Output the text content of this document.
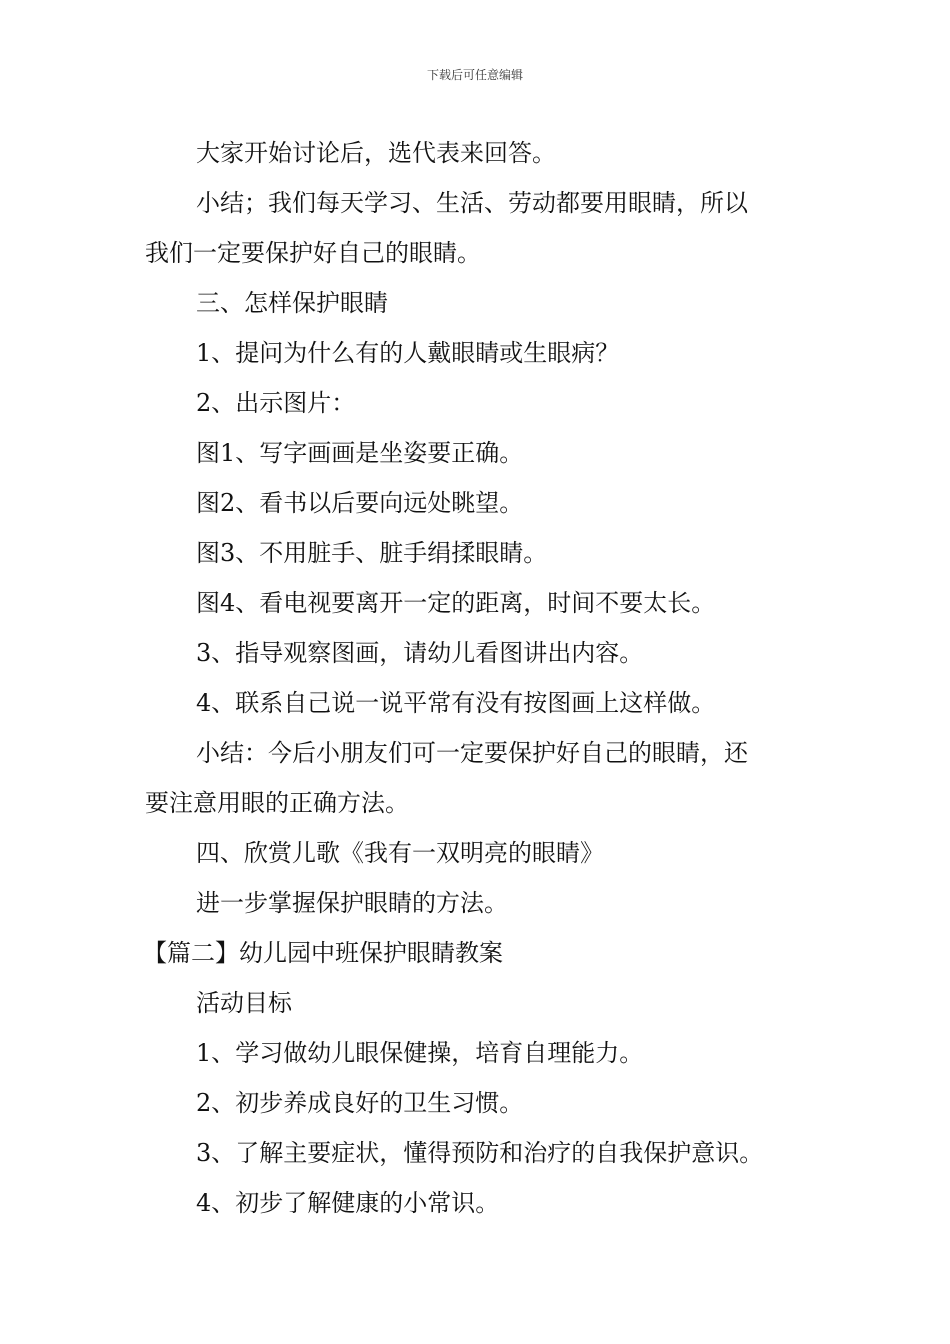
下载后可任意编辑
大家开始讨论后，选代表来回答。
小结；我们每天学习、生活、劳动都要用眼睛，所以
我们一定要保护好自己的眼睛。
三、怎样保护眼睛
1、提问为什么有的人戴眼睛或生眼病？
2、出示图片：
图1、写字画画是坐姿要正确。
图2、看书以后要向远处眺望。
图3、不用脏手、脏手绢揉眼睛。
图4、看电视要离开一定的距离，时间不要太长。
3、指导观察图画，请幼儿看图讲出内容。
4、联系自己说一说平常有没有按图画上这样做。
小结：今后小朋友们可一定要保护好自己的眼睛，还
要注意用眼的正确方法。
四、欣赏儿歌《我有一双明亮的眼睛》
进一步掌握保护眼睛的方法。
【篇二】幼儿园中班保护眼睛教案
活动目标
1、学习做幼儿眼保健操，培育自理能力。
2、初步养成良好的卫生习惯。
3、了解主要症状，懂得预防和治疗的自我保护意识。
4、初步了解健康的小常识。
